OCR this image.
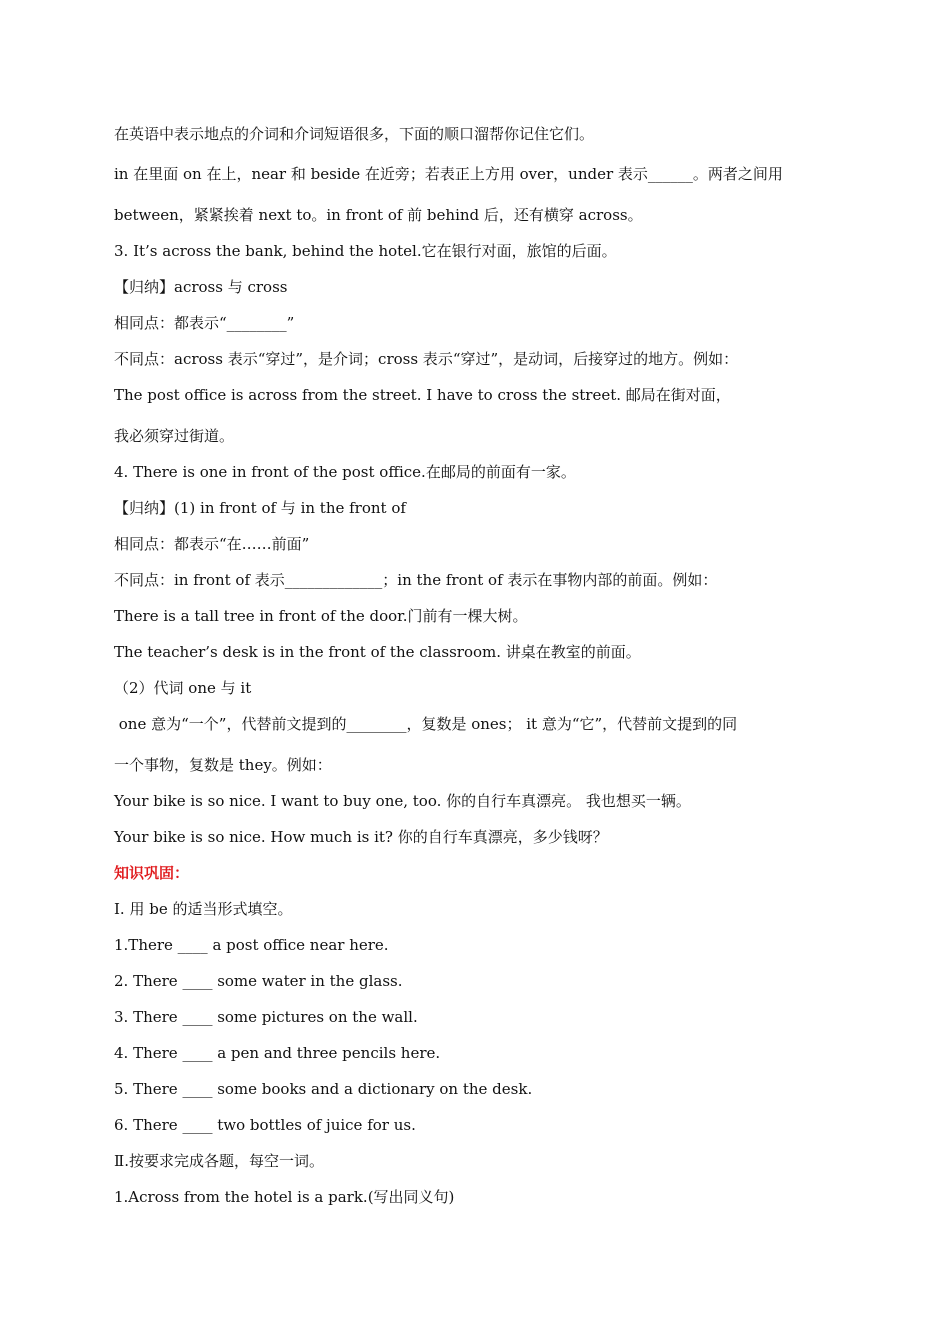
在英语中表示地点的介词和介词短语很多，下面的顺口溜帮你记住它们。
in 在里面 on 在上，near 和 beside 在近旁；若表正上方用 over，under 表示______。两者之间用
between，紧紧挨着 next to。in front of 前 behind 后，还有横穿 across。
3. It’s across the bank, behind the hotel.它在银行对面，旅馆的后面。
【归纳】across 与 cross
相同点：都表示“________”
不同点：across 表示“穿过”，是介词；cross 表示“穿过”，是动词，后接穿过的地方。例如：
The post office is across from the street. I have to cross the street. 邮局在街对面，
我必须穿过街道。
4. There is one in front of the post office.在邮局的前面有一家。
【归纳】(1) in front of 与 in the front of
相同点：都表示“在……前面”
不同点：in front of 表示_____________；in the front of 表示在事物内部的前面。例如：
There is a tall tree in front of the door.门前有一棵大树。
The teacher’s desk is in the front of the classroom. 讲桌在教室的前面。
（2）代词 one 与 it
one 意为“一个”，代替前文提到的________，复数是 ones； it 意为“它”，代替前文提到的同
一个事物，复数是 they。例如：
Your bike is so nice. I want to buy one, too. 你的自行车真漂亮。 我也想买一辆。
Your bike is so nice. How much is it? 你的自行车真漂亮，多少钱呀？
知识巩固：
Ⅰ. 用 be 的适当形式填空。
1.There ____ a post office near here.
2. There ____ some water in the glass.
3. There ____ some pictures on the wall.
4. There ____ a pen and three pencils here.
5. There ____ some books and a dictionary on the desk.
6. There ____ two bottles of juice for us.
Ⅱ.按要求完成各题，每空一词。
1.Across from the hotel is a park.(写出同义句)
